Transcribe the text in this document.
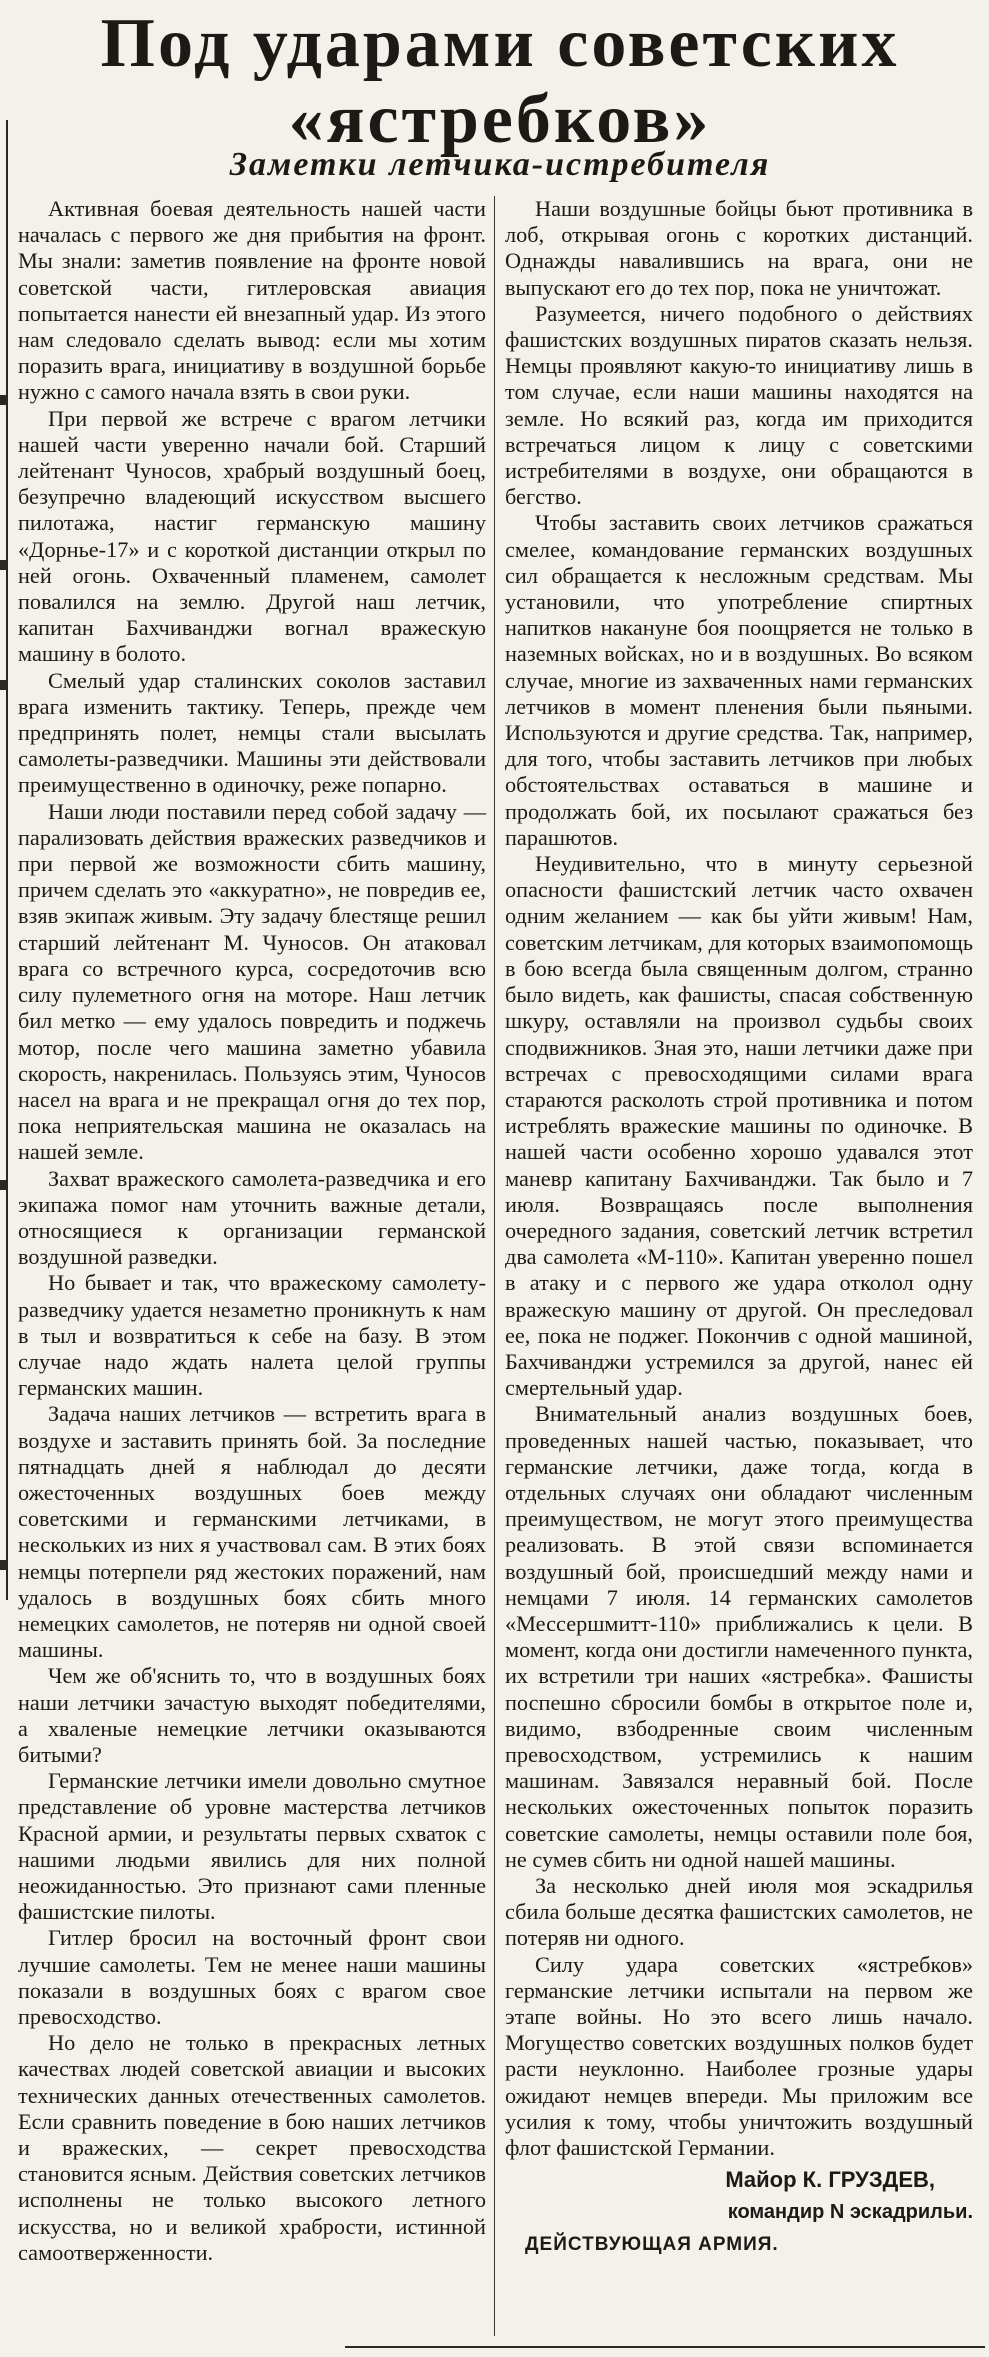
Под ударами советских
«ястребков»
Заметки летчика-истребителя

Активная боевая деятельность нашей части началась с первого же дня прибытия на фронт. Мы знали: заметив появление на фронте новой советской части, гитлеровская авиация попытается нанести ей внезапный удар. Из этого нам следовало сделать вывод: если мы хотим поразить врага, инициативу в воздушной борьбе нужно с самого начала взять в свои руки.

При первой же встрече с врагом летчики нашей части уверенно начали бой. Старший лейтенант Чуносов, храбрый воздушный боец, безупречно владеющий искусством высшего пилотажа, настиг германскую машину «Дорнье-17» и с короткой дистанции открыл по ней огонь. Охваченный пламенем, самолет повалился на землю. Другой наш летчик, капитан Бахчиванджи вогнал вражескую машину в болото.

Смелый удар сталинских соколов заставил врага изменить тактику. Теперь, прежде чем предпринять полет, немцы стали высылать самолеты-разведчики. Машины эти действовали преимущественно в одиночку, реже попарно.

Наши люди поставили перед собой задачу — парализовать действия вражеских разведчиков и при первой же возможности сбить машину, причем сделать это «аккуратно», не повредив ее, взяв экипаж живым. Эту задачу блестяще решил старший лейтенант М. Чуносов. Он атаковал врага со встречного курса, сосредоточив всю силу пулеметного огня на моторе. Наш летчик бил метко — ему удалось повредить и поджечь мотор, после чего машина заметно убавила скорость, накренилась. Пользуясь этим, Чуносов насел на врага и не прекращал огня до тех пор, пока неприятельская машина не оказалась на нашей земле.

Захват вражеского самолета-разведчика и его экипажа помог нам уточнить важные детали, относящиеся к организации германской воздушной разведки.

Но бывает и так, что вражескому самолету-разведчику удается незаметно проникнуть к нам в тыл и возвратиться к себе на базу. В этом случае надо ждать налета целой группы германских машин.

Задача наших летчиков — встретить врага в воздухе и заставить принять бой. За последние пятнадцать дней я наблюдал до десяти ожесточенных воздушных боев между советскими и германскими летчиками, в нескольких из них я участвовал сам. В этих боях немцы потерпели ряд жестоких поражений, нам удалось в воздушных боях сбить много немецких самолетов, не потеряв ни одной своей машины.

Чем же об'яснить то, что в воздушных боях наши летчики зачастую выходят победителями, а хваленые немецкие летчики оказываются битыми?

Германские летчики имели довольно смутное представление об уровне мастерства летчиков Красной армии, и результаты первых схваток с нашими людьми явились для них полной неожиданностью. Это признают сами пленные фашистские пилоты.

Гитлер бросил на восточный фронт свои лучшие самолеты. Тем не менее наши машины показали в воздушных боях с врагом свое превосходство.

Но дело не только в прекрасных летных качествах людей советской авиации и высоких технических данных отечественных самолетов. Если сравнить поведение в бою наших летчиков и вражеских, — секрет превосходства становится ясным. Действия советских летчиков исполнены не только высокого летного искусства, но и великой храбрости, истинной самоотверженности.

Наши воздушные бойцы бьют противника в лоб, открывая огонь с коротких дистанций. Однажды навалившись на врага, они не выпускают его до тех пор, пока не уничтожат.

Разумеется, ничего подобного о действиях фашистских воздушных пиратов сказать нельзя. Немцы проявляют какую-то инициативу лишь в том случае, если наши машины находятся на земле. Но всякий раз, когда им приходится встречаться лицом к лицу с советскими истребителями в воздухе, они обращаются в бегство.

Чтобы заставить своих летчиков сражаться смелее, командование германских воздушных сил обращается к несложным средствам. Мы установили, что употребление спиртных напитков накануне боя поощряется не только в наземных войсках, но и в воздушных. Во всяком случае, многие из захваченных нами германских летчиков в момент пленения были пьяными. Используются и другие средства. Так, например, для того, чтобы заставить летчиков при любых обстоятельствах оставаться в машине и продолжать бой, их посылают сражаться без парашютов.

Неудивительно, что в минуту серьезной опасности фашистский летчик часто охвачен одним желанием — как бы уйти живым! Нам, советским летчикам, для которых взаимопомощь в бою всегда была священным долгом, странно было видеть, как фашисты, спасая собственную шкуру, оставляли на произвол судьбы своих сподвижников. Зная это, наши летчики даже при встречах с превосходящими силами врага стараются расколоть строй противника и потом истреблять вражеские машины по одиночке. В нашей части особенно хорошо удавался этот маневр капитану Бахчиванджи. Так было и 7 июля. Возвращаясь после выполнения очередного задания, советский летчик встретил два самолета «М-110». Капитан уверенно пошел в атаку и с первого же удара отколол одну вражескую машину от другой. Он преследовал ее, пока не поджег. Покончив с одной машиной, Бахчиванджи устремился за другой, нанес ей смертельный удар.

Внимательный анализ воздушных боев, проведенных нашей частью, показывает, что германские летчики, даже тогда, когда в отдельных случаях они обладают численным преимуществом, не могут этого преимущества реализовать. В этой связи вспоминается воздушный бой, происшедший между нами и немцами 7 июля. 14 германских самолетов «Мессершмитт-110» приближались к цели. В момент, когда они достигли намеченного пункта, их встретили три наших «ястребка». Фашисты поспешно сбросили бомбы в открытое поле и, видимо, взбодренные своим численным превосходством, устремились к нашим машинам. Завязался неравный бой. После нескольких ожесточенных попыток поразить советские самолеты, немцы оставили поле боя, не сумев сбить ни одной нашей машины.

За несколько дней июля моя эскадрилья сбила больше десятка фашистских самолетов, не потеряв ни одного.

Силу удара советских «ястребков» германские летчики испытали на первом же этапе войны. Но это всего лишь начало. Могущество советских воздушных полков будет расти неуклонно. Наиболее грозные удары ожидают немцев впереди. Мы приложим все усилия к тому, чтобы уничтожить воздушный флот фашистской Германии.

Майор К. ГРУЗДЕВ,
командир N эскадрильи.
ДЕЙСТВУЮЩАЯ АРМИЯ.
